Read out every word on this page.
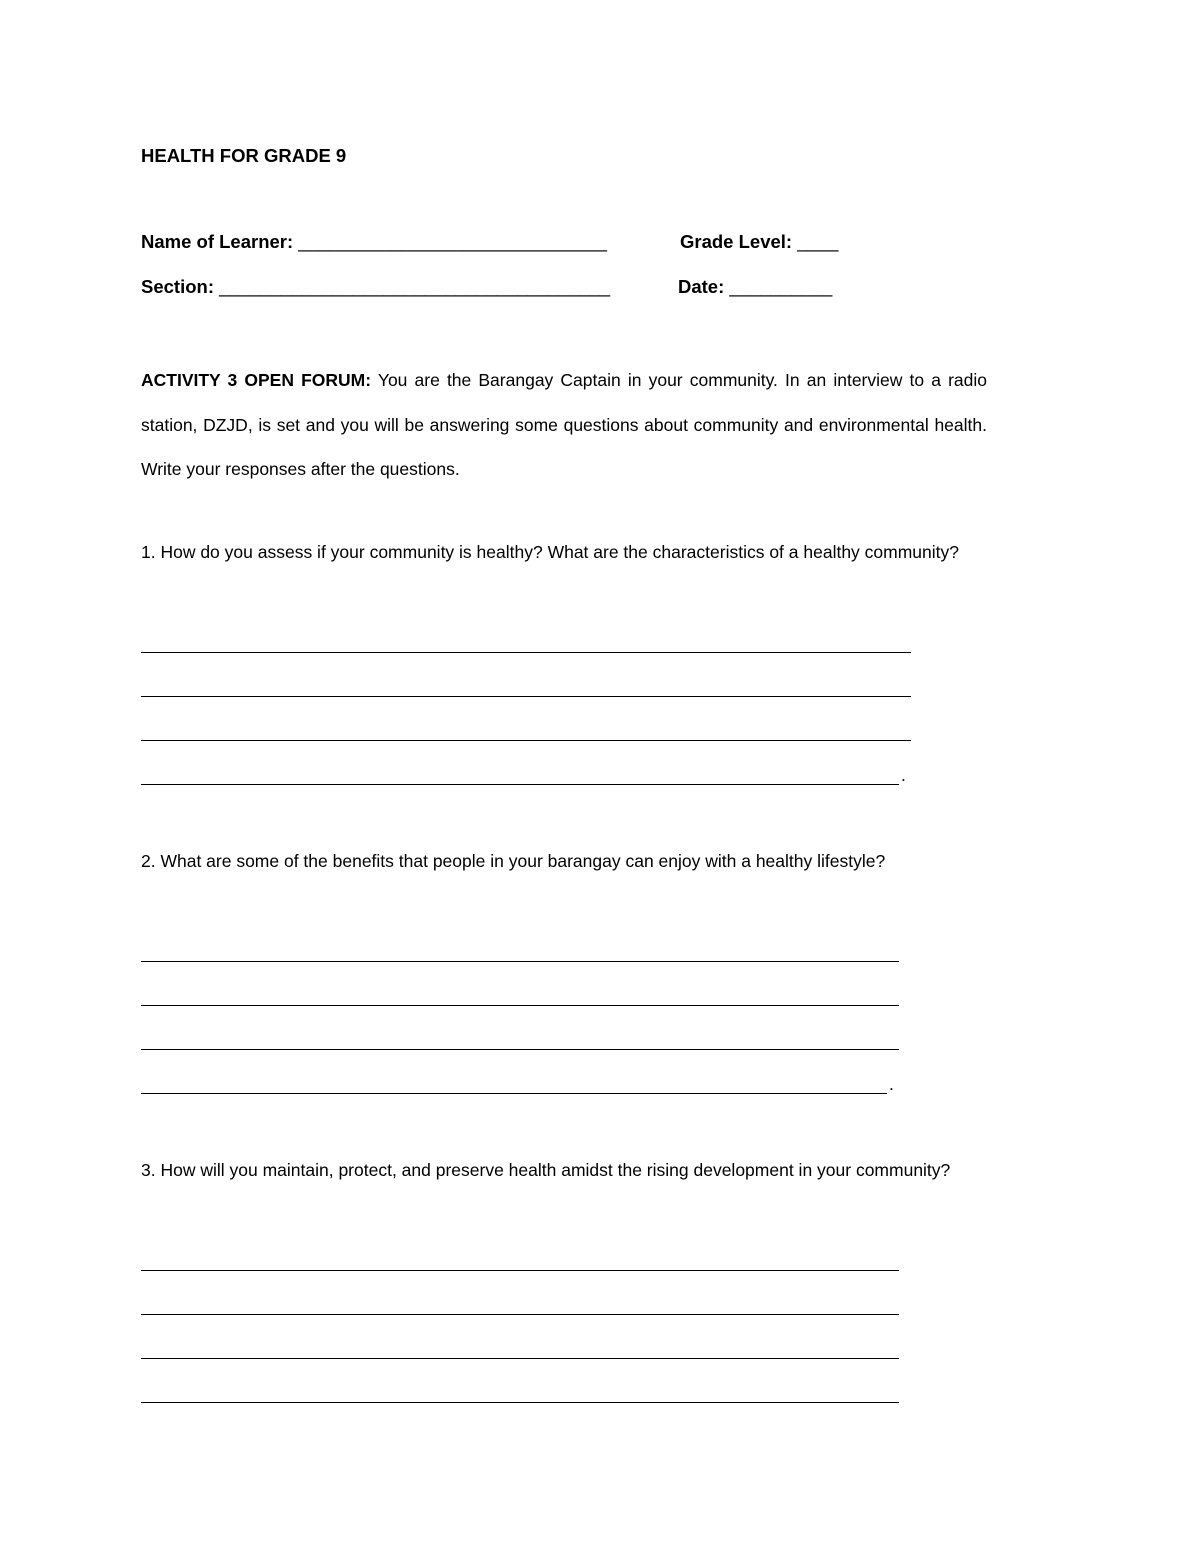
HEALTH FOR GRADE 9
Name of Learner: ______________________________	Grade Level: ____
Section: ______________________________________	Date: __________
ACTIVITY 3 OPEN FORUM: You are the Barangay Captain in your community. In an interview to a radio station, DZJD, is set and you will be answering some questions about community and environmental health. Write your responses after the questions.
1. How do you assess if your community is healthy? What are the characteristics of a healthy community?
.
2. What are some of the benefits that people in your barangay can enjoy with a healthy lifestyle?
.
3. How will you maintain, protect, and preserve health amidst the rising development in your community?
